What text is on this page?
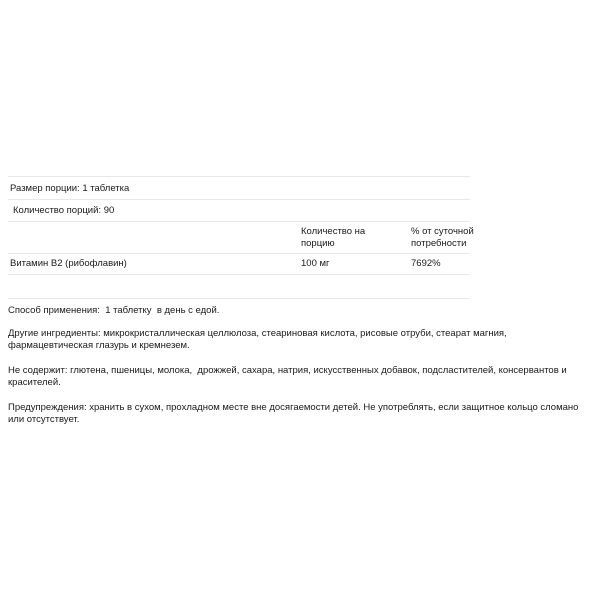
Размер порции: 1 таблетка
Количество порций: 90
Количество на
порцию
% от суточной
потребности
Витамин B2 (рибофлавин)	100 мг	7692%

Способ применения:  1 таблетку  в день с едой.

Другие ингредиенты: микрокристаллическая целлюлоза, стеариновая кислота, рисовые отруби, стеарат магния, фармацевтическая глазурь и кремнезем.

Не содержит: глютена, пшеницы, молока,  дрожжей, сахара, натрия, искусственных добавок, подсластителей, консервантов и красителей.

Предупреждения: хранить в сухом, прохладном месте вне досягаемости детей. Не употреблять, если защитное кольцо сломано или отсутствует.
